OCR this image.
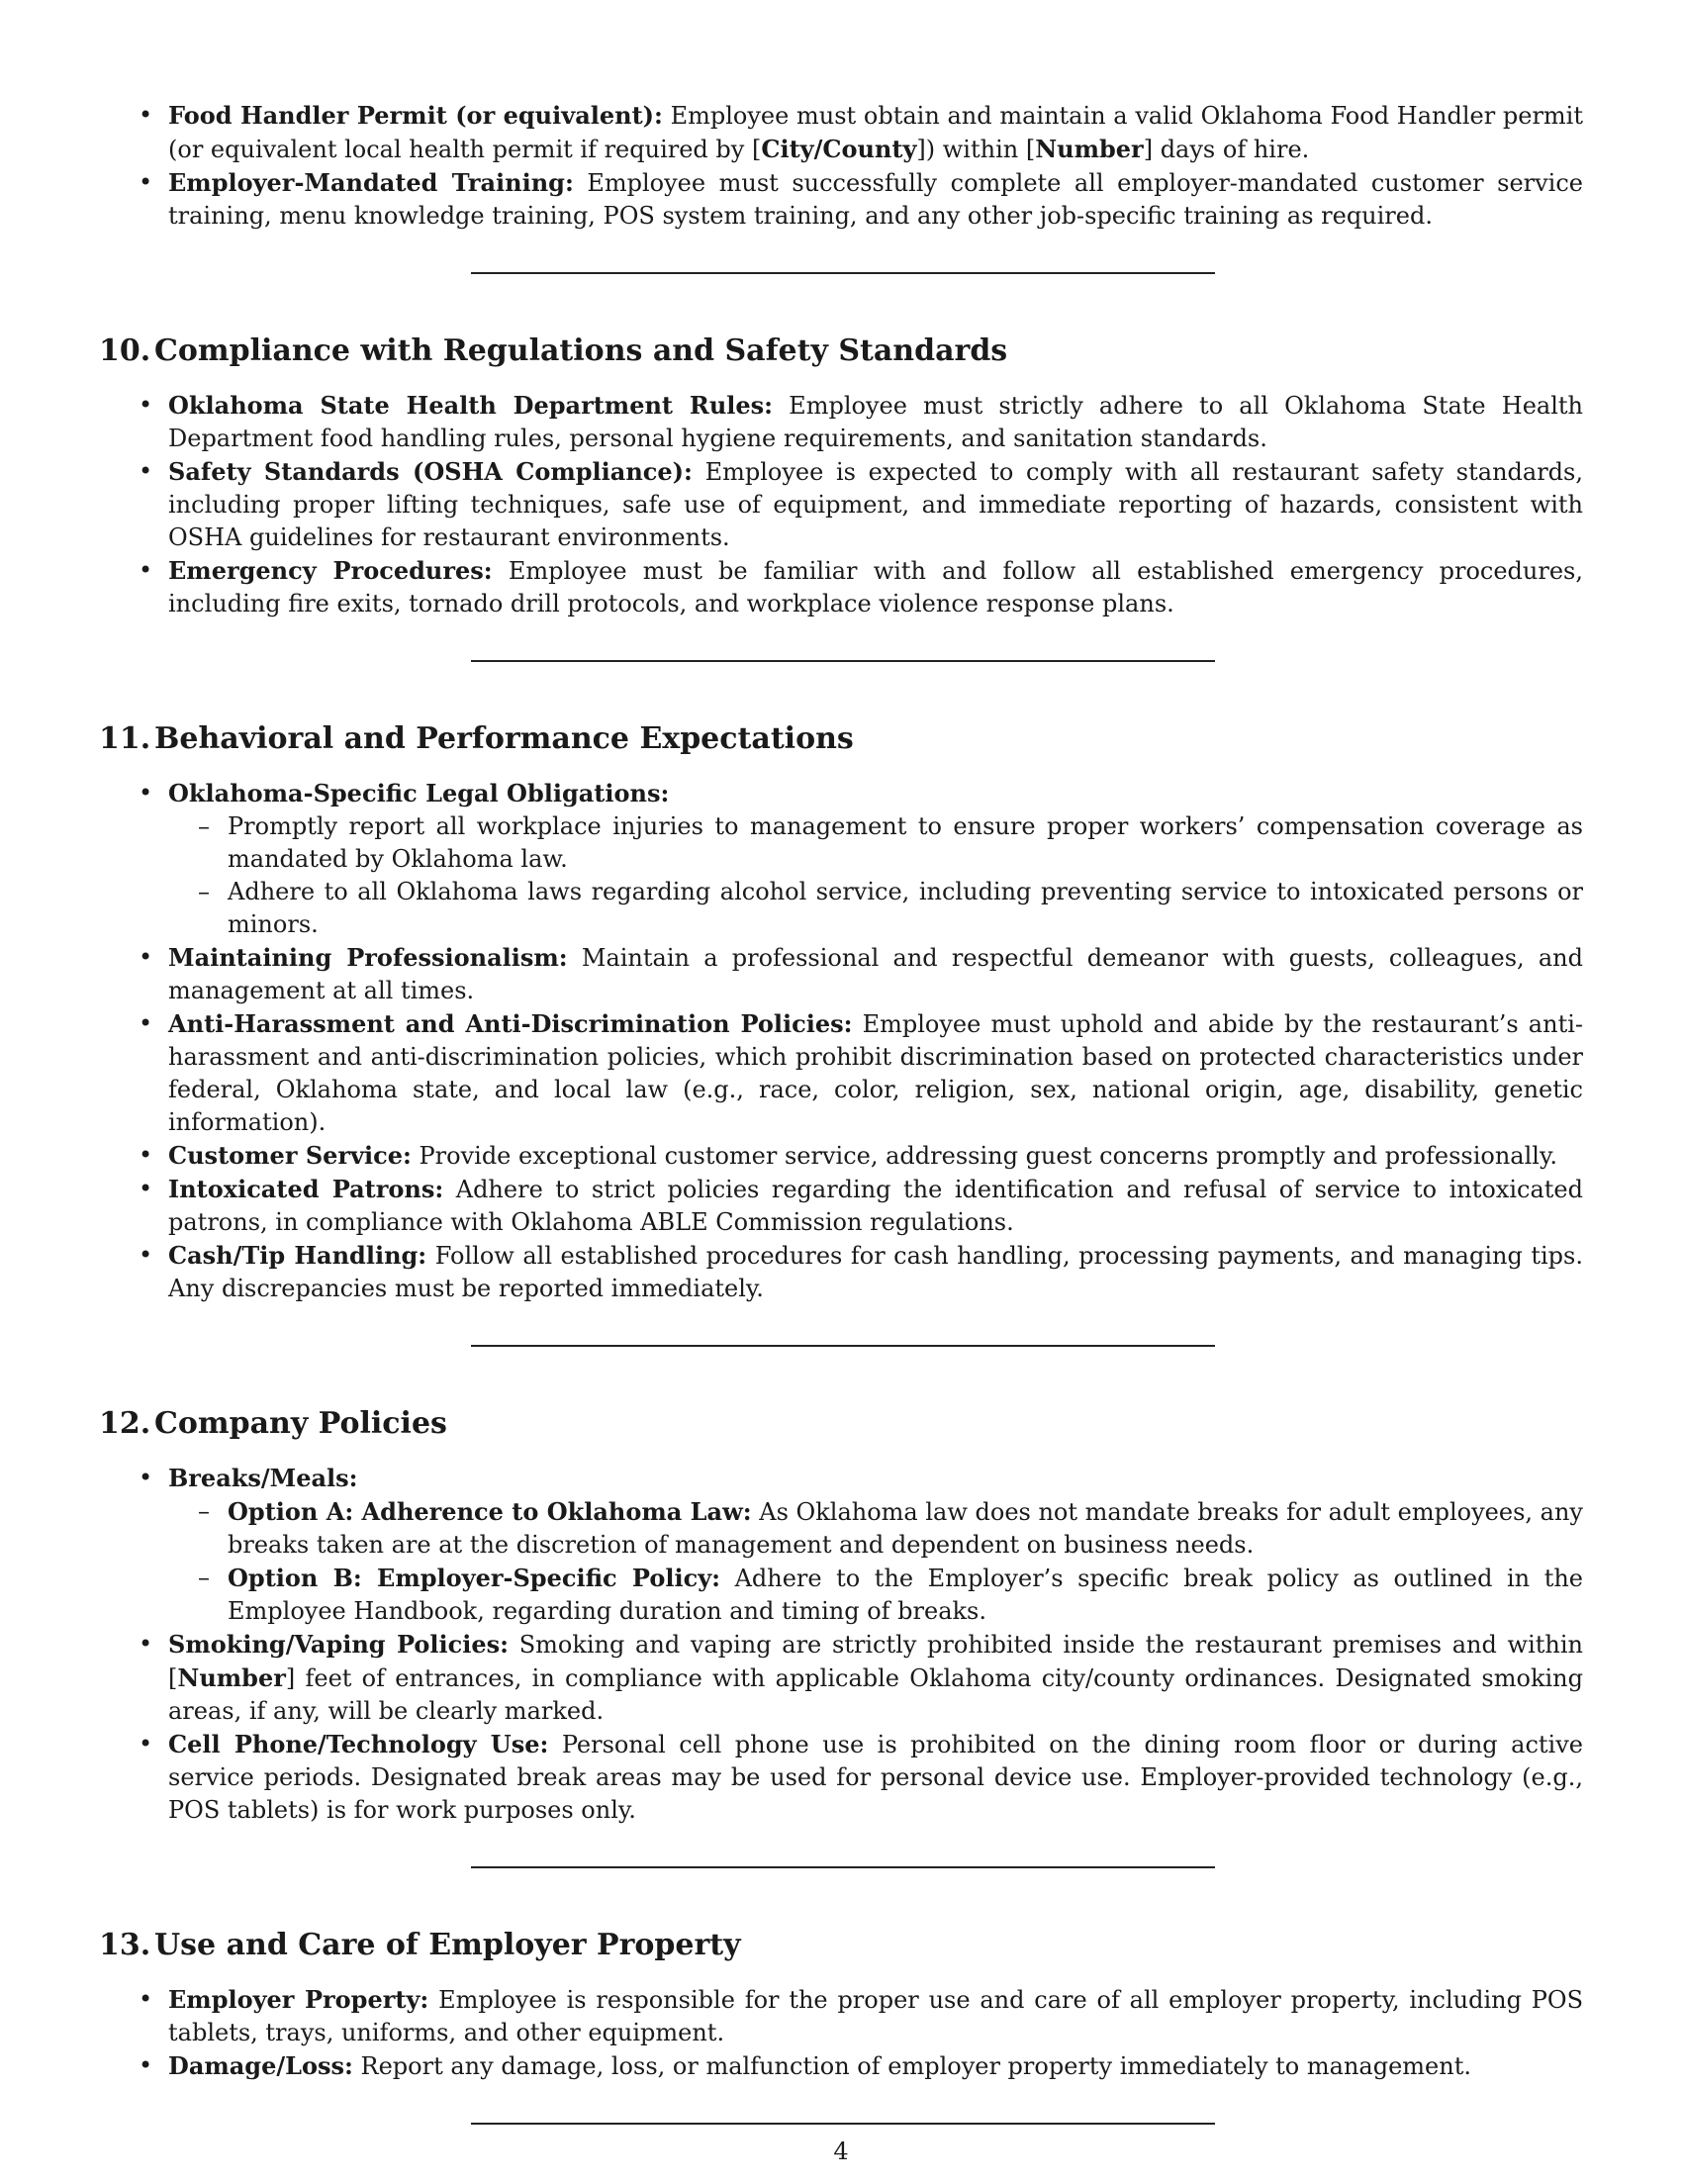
• Food Handler Permit (or equivalent): Employee must obtain and maintain a valid Oklahoma Food Handler permit (or equivalent local health permit if required by [City/County]) within [Number] days of hire.
• Employer-Mandated Training: Employee must successfully complete all employer-mandated customer service training, menu knowledge training, POS system training, and any other job-specific training as required.
10. Compliance with Regulations and Safety Standards
• Oklahoma State Health Department Rules: Employee must strictly adhere to all Oklahoma State Health Department food handling rules, personal hygiene requirements, and sanitation standards.
• Safety Standards (OSHA Compliance): Employee is expected to comply with all restaurant safety standards, including proper lifting techniques, safe use of equipment, and immediate reporting of hazards, consistent with OSHA guidelines for restaurant environments.
• Emergency Procedures: Employee must be familiar with and follow all established emergency procedures, including fire exits, tornado drill protocols, and workplace violence response plans.
11. Behavioral and Performance Expectations
• Oklahoma-Specific Legal Obligations:
– Promptly report all workplace injuries to management to ensure proper workers’ compensation coverage as mandated by Oklahoma law.
– Adhere to all Oklahoma laws regarding alcohol service, including preventing service to intoxicated persons or minors.
• Maintaining Professionalism: Maintain a professional and respectful demeanor with guests, colleagues, and management at all times.
• Anti-Harassment and Anti-Discrimination Policies: Employee must uphold and abide by the restaurant’s anti-harassment and anti-discrimination policies, which prohibit discrimination based on protected characteristics under federal, Oklahoma state, and local law (e.g., race, color, religion, sex, national origin, age, disability, genetic information).
• Customer Service: Provide exceptional customer service, addressing guest concerns promptly and professionally.
• Intoxicated Patrons: Adhere to strict policies regarding the identification and refusal of service to intoxicated patrons, in compliance with Oklahoma ABLE Commission regulations.
• Cash/Tip Handling: Follow all established procedures for cash handling, processing payments, and managing tips. Any discrepancies must be reported immediately.
12. Company Policies
• Breaks/Meals:
– Option A: Adherence to Oklahoma Law: As Oklahoma law does not mandate breaks for adult employees, any breaks taken are at the discretion of management and dependent on business needs.
– Option B: Employer-Specific Policy: Adhere to the Employer’s specific break policy as outlined in the Employee Handbook, regarding duration and timing of breaks.
• Smoking/Vaping Policies: Smoking and vaping are strictly prohibited inside the restaurant premises and within [Number] feet of entrances, in compliance with applicable Oklahoma city/county ordinances. Designated smoking areas, if any, will be clearly marked.
• Cell Phone/Technology Use: Personal cell phone use is prohibited on the dining room floor or during active service periods. Designated break areas may be used for personal device use. Employer-provided technology (e.g., POS tablets) is for work purposes only.
13. Use and Care of Employer Property
• Employer Property: Employee is responsible for the proper use and care of all employer property, including POS tablets, trays, uniforms, and other equipment.
• Damage/Loss: Report any damage, loss, or malfunction of employer property immediately to management.
4
